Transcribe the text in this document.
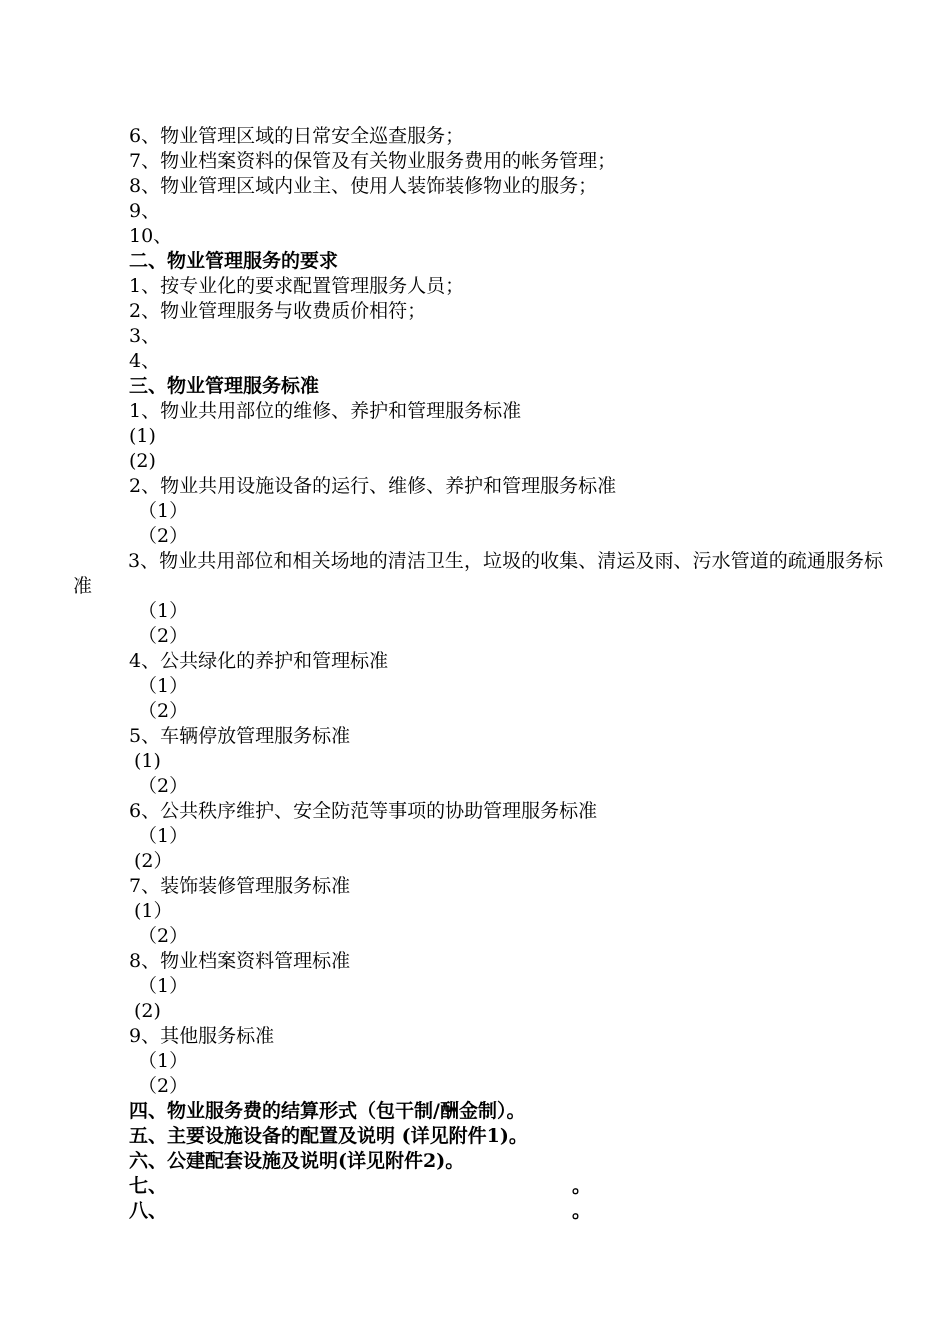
6、物业管理区域的日常安全巡查服务；
7、物业档案资料的保管及有关物业服务费用的帐务管理；
8、物业管理区域内业主、使用人装饰装修物业的服务；
9、
10、
二、物业管理服务的要求
1、按专业化的要求配置管理服务人员；
2、物业管理服务与收费质价相符；
3、
4、
三、物业管理服务标准
1、物业共用部位的维修、养护和管理服务标准
(1)
(2)
2、物业共用设施设备的运行、维修、养护和管理服务标准
（1）
（2）
3、物业共用部位和相关场地的清洁卫生，垃圾的收集、清运及雨、污水管道的疏通服务标准
（1）
（2）
4、公共绿化的养护和管理标准
（1）
（2）
5、车辆停放管理服务标准
(1)
（2）
6、公共秩序维护、安全防范等事项的协助管理服务标准
（1）
(2）
7、装饰装修管理服务标准
(1）
（2）
8、物业档案资料管理标准
（1）
(2)
9、其他服务标准
（1）
（2）
四、物业服务费的结算形式（包干制/酬金制）。
五、主要设施设备的配置及说明 (详见附件1)。
六、公建配套设施及说明(详见附件2)。
七、	。
八、	。
